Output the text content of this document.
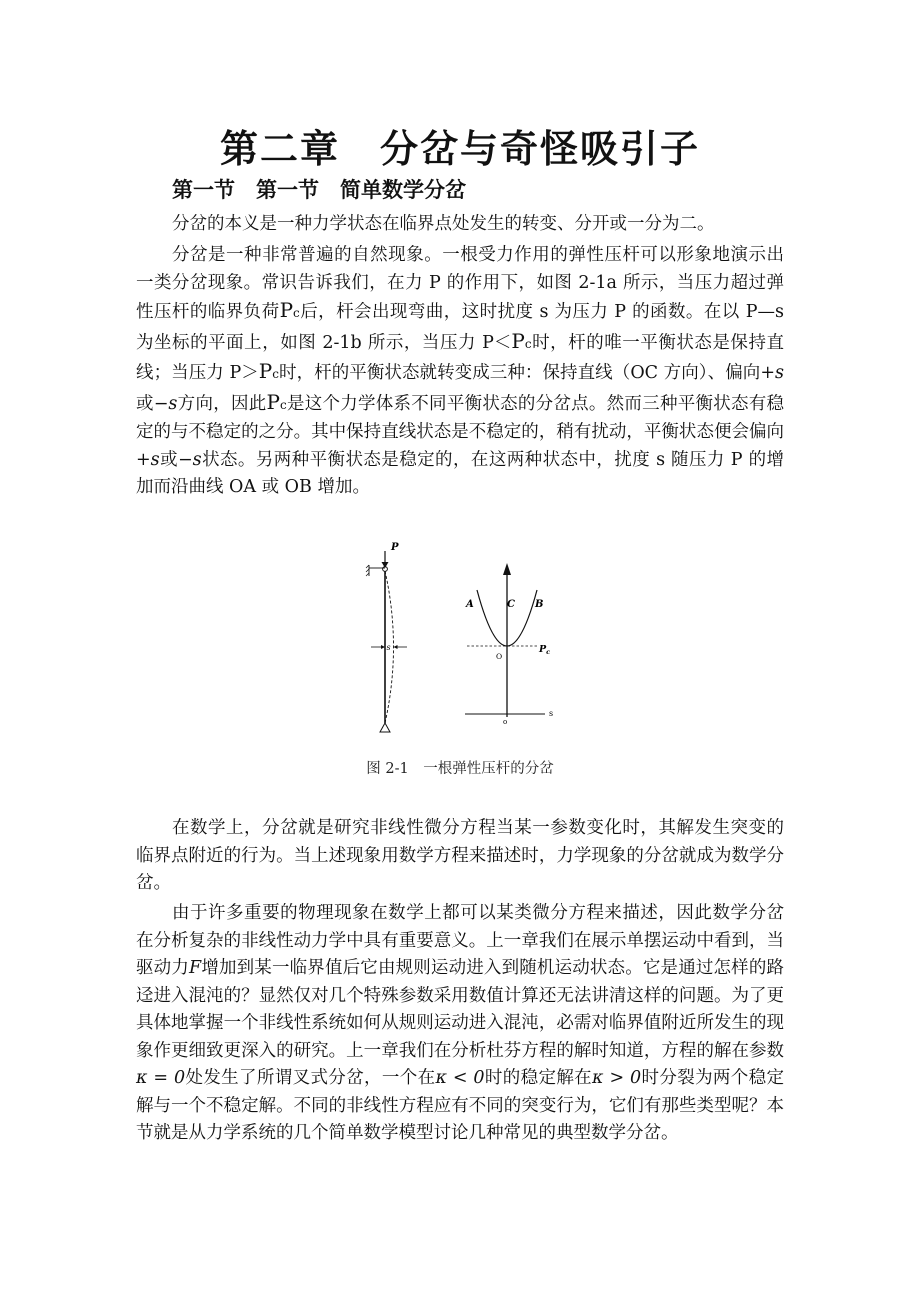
第二章　分岔与奇怪吸引子
第一节　第一节　简单数学分岔

分岔的本义是一种力学状态在临界点处发生的转变、分开或一分为二。

分岔是一种非常普遍的自然现象。一根受力作用的弹性压杆可以形象地演示出一类分岔现象。常识告诉我们，在力 P 的作用下，如图 2-1a 所示，当压力超过弹性压杆的临界负荷Pc后，杆会出现弯曲，这时扰度 s 为压力 P 的函数。在以 P—s 为坐标的平面上，如图 2-1b 所示，当压力 P＜Pc时，杆的唯一平衡状态是保持直线；当压力 P＞Pc时，杆的平衡状态就转变成三种：保持直线（OC 方向）、偏向+s或−s方向，因此Pc是这个力学体系不同平衡状态的分岔点。然而三种平衡状态有稳定的与不稳定的之分。其中保持直线状态是不稳定的，稍有扰动，平衡状态便会偏向+s或−s状态。另两种平衡状态是稳定的，在这两种状态中，扰度 s 随压力 P 的增加而沿曲线 OA 或 OB 增加。

P
s
s
o
A	C B
O
$P_c$
图 2-1　一根弹性压杆的分岔

在数学上，分岔就是研究非线性微分方程当某一参数变化时，其解发生突变的临界点附近的行为。当上述现象用数学方程来描述时，力学现象的分岔就成为数学分岔。

由于许多重要的物理现象在数学上都可以某类微分方程来描述，因此数学分岔在分析复杂的非线性动力学中具有重要意义。上一章我们在展示单摆运动中看到，当驱动力F增加到某一临界值后它由规则运动进入到随机运动状态。它是通过怎样的路迳进入混沌的？显然仅对几个特殊参数采用数值计算还无法讲清这样的问题。为了更具体地掌握一个非线性系统如何从规则运动进入混沌，必需对临界值附近所发生的现象作更细致更深入的研究。上一章我们在分析杜芬方程的解时知道，方程的解在参数κ = 0处发生了所谓叉式分岔，一个在κ < 0时的稳定解在κ > 0时分裂为两个稳定解与一个不稳定解。不同的非线性方程应有不同的突变行为，它们有那些类型呢？本节就是从力学系统的几个简单数学模型讨论几种常见的典型数学分岔。
